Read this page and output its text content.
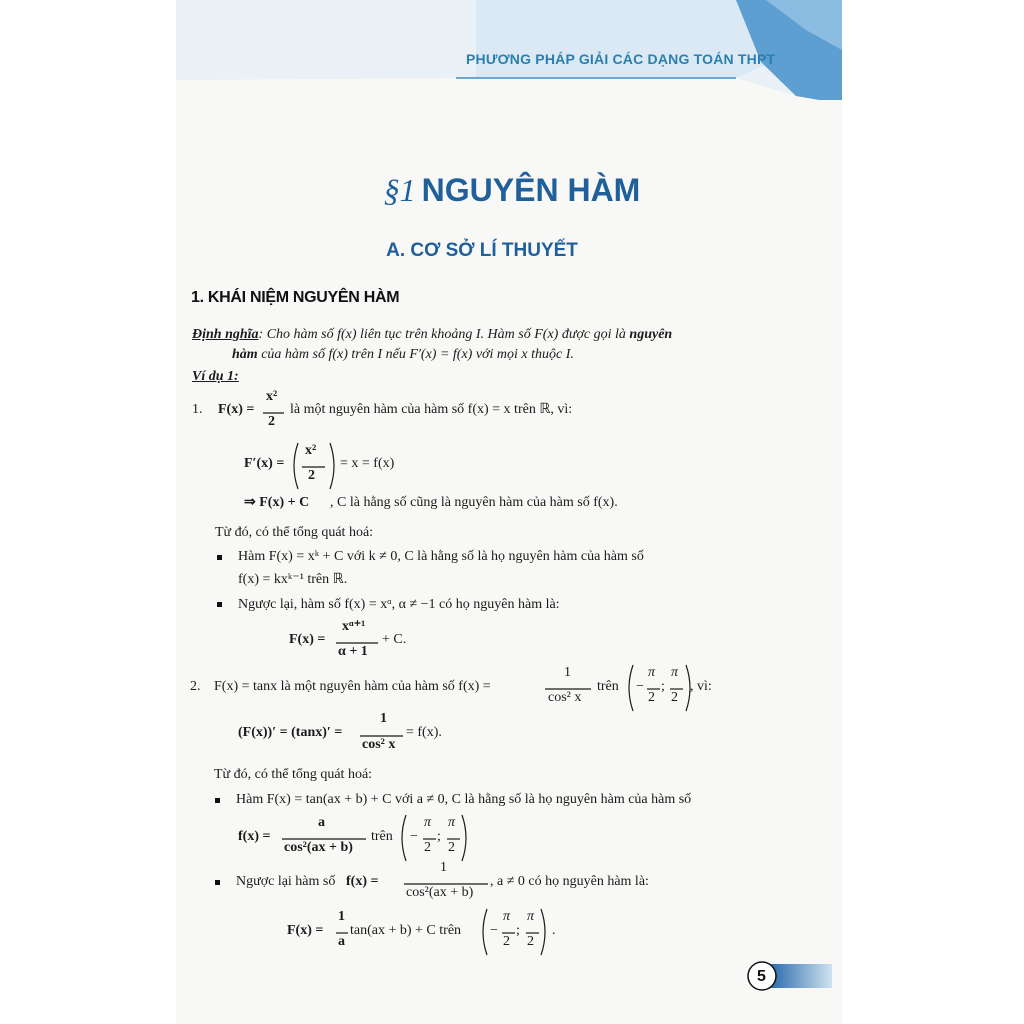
PHƯƠNG PHÁP GIẢI CÁC DẠNG TOÁN THPT
§1 NGUYÊN HÀM
A. CƠ SỞ LÍ THUYẾT
1. KHÁI NIỆM NGUYÊN HÀM
Định nghĩa: Cho hàm số f(x) liên tục trên khoảng I. Hàm số F(x) được gọi là nguyên
hàm của hàm số f(x) trên I nếu F′(x) = f(x) với mọi x thuộc I.
Ví dụ 1:
1. F(x) =
x²
2
là một nguyên hàm của hàm số f(x) = x trên ℝ, vì:
F′(x) =
x²
2
= x = f(x)
⇒ F(x) + C , C là hằng số cũng là nguyên hàm của hàm số f(x).
Từ đó, có thể tổng quát hoá:
Hàm F(x) = xᵏ + C với k ≠ 0, C là hằng số là họ nguyên hàm của hàm số
f(x) = kxᵏ⁻¹ trên ℝ.
Ngược lại, hàm số f(x) = xᵅ, α ≠ −1 có họ nguyên hàm là:
F(x) =
xᵅ⁺¹
α + 1
+ C.
2. F(x) = tanx là một nguyên hàm của hàm số f(x) =
1
cos² x
trên −
π
2
;
π
2
, vì:
(F(x))′ = (tanx)′ =
1
cos² x
= f(x).
Từ đó, có thể tổng quát hoá:
Hàm F(x) = tan(ax + b) + C với a ≠ 0, C là hằng số là họ nguyên hàm của hàm số
f(x) =
a
cos²(ax + b)
trên −
π
2
;
π
2
Ngược lại hàm số f(x) =
1
cos²(ax + b)
, a ≠ 0 có họ nguyên hàm là:
F(x) =
1
a
tan(ax + b) + C trên −
π
2
;
π
2
.
5
